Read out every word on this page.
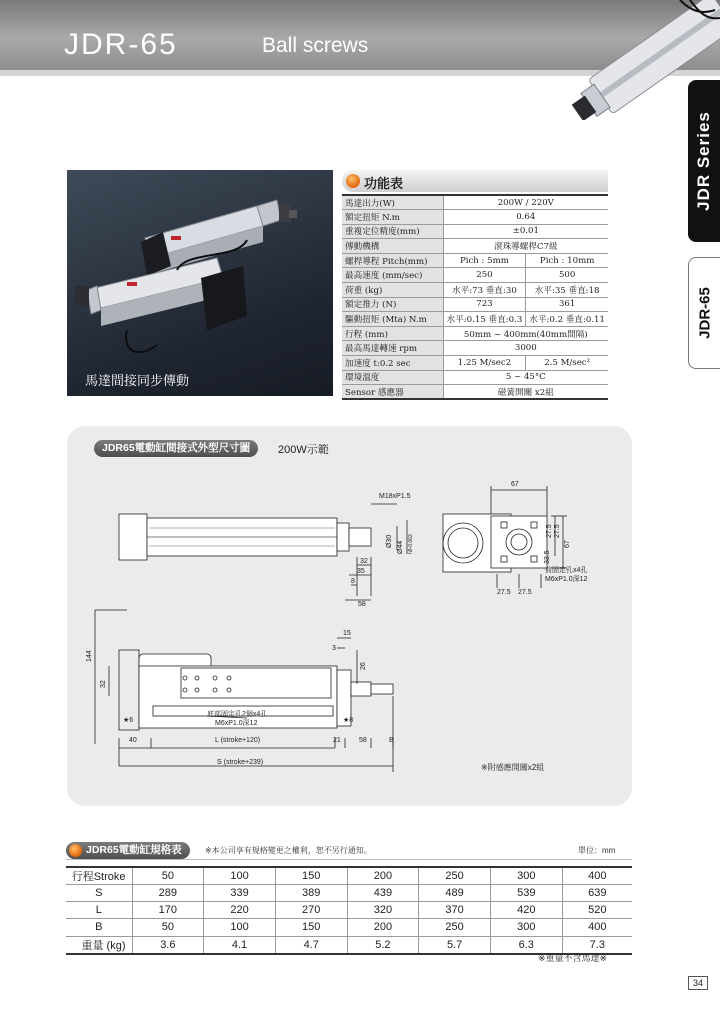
JDR-65	Ball screws
JDR Series
JDR-65
馬達間接同步傳動
功能表
馬達出力(W)	200W / 220V	
額定扭矩 N.m	0.64	
重複定位精度(mm)	±0.01	
傳動機構	滾珠導螺桿C7級	
螺桿導程 Pitch(mm)	Pich : 5mm	Pich : 10mm
最高速度 (mm/sec)	250	500
荷重 (kg)	水平:73 垂直:30	水平:35 垂直:18
額定推力 (N)	723	361
驅動扭矩 (Mta) N.m	水平:0.15 垂直:0.3	水平:0.2 垂直:0.11
行程 (mm)	50mm ~ 400mm(40mm間隔)	
最高馬達轉速 rpm	3000	
加速度 t:0.2 sec	1.25 M/sec2	2.5 M/sec²
環境溫度	5 ~ 45°C	
Sensor 感應器	磁簧開關 x2組	
M18xP1.5
Ø44 h9-0.062
Ø30
32
35
8
58
67
27.5 27.5
33.5
67
27.5 27.5
前固定孔x4孔
M6xP1.0深12
15
3
26
144
32
底部固定孔2個x4孔
M6xP1.0深12
★6	★8
40	L (stroke+120)	21	58	B
S (stroke+239)
JDR65電動缸間接式外型尺寸圖	200W示範
※附感應開關x2組
JDR65電動缸規格表	※本公司享有規格變更之權利，恕不另行通知。	單位：mm
行程Stroke	50	100	150	200	250	300	400
S	289	339	389	439	489	539	639
L	170	220	270	320	370	420	520
B	50	100	150	200	250	300	400
重量 (kg)	3.6	4.1	4.7	5.2	5.7	6.3	7.3
※重量不含馬達※
34
